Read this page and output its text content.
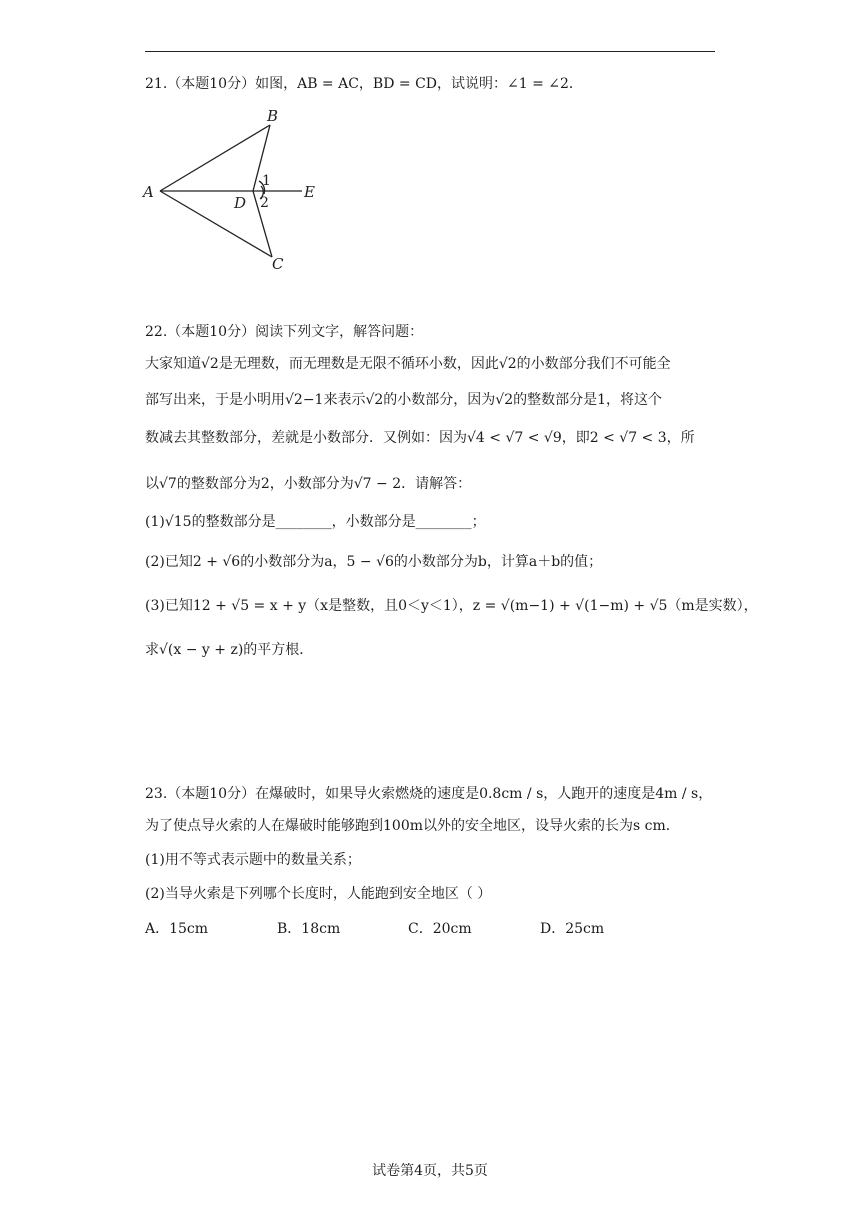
21.（本题10分）如图，AB = AC，BD = CD，试说明：∠1 = ∠2．
B
A
D
E
C
1
2
22.（本题10分）阅读下列文字，解答问题：
大家知道√2是无理数，而无理数是无限不循环小数，因此√2的小数部分我们不可能全
部写出来，于是小明用√2−1来表示√2的小数部分，因为√2的整数部分是1，将这个
数减去其整数部分，差就是小数部分．又例如：因为√4 < √7 < √9，即2 < √7 < 3，所
以√7的整数部分为2，小数部分为√7 − 2．请解答：
(1)√15的整数部分是________，小数部分是________；
(2)已知2 + √6的小数部分为a，5 − √6的小数部分为b，计算a＋b的值；
(3)已知12 + √5 = x + y（x是整数，且0＜y＜1），z = √(m−1) + √(1−m) + √5（m是实数），
求√(x − y + z)的平方根．
23.（本题10分）在爆破时，如果导火索燃烧的速度是0.8cm / s，人跑开的速度是4m / s，
为了使点导火索的人在爆破时能够跑到100m以外的安全地区，设导火索的长为s cm．
(1)用不等式表示题中的数量关系；
(2)当导火索是下列哪个长度时，人能跑到安全地区（ ）
A．15cm	B．18cm	C．20cm	D．25cm
试卷第4页，共5页
